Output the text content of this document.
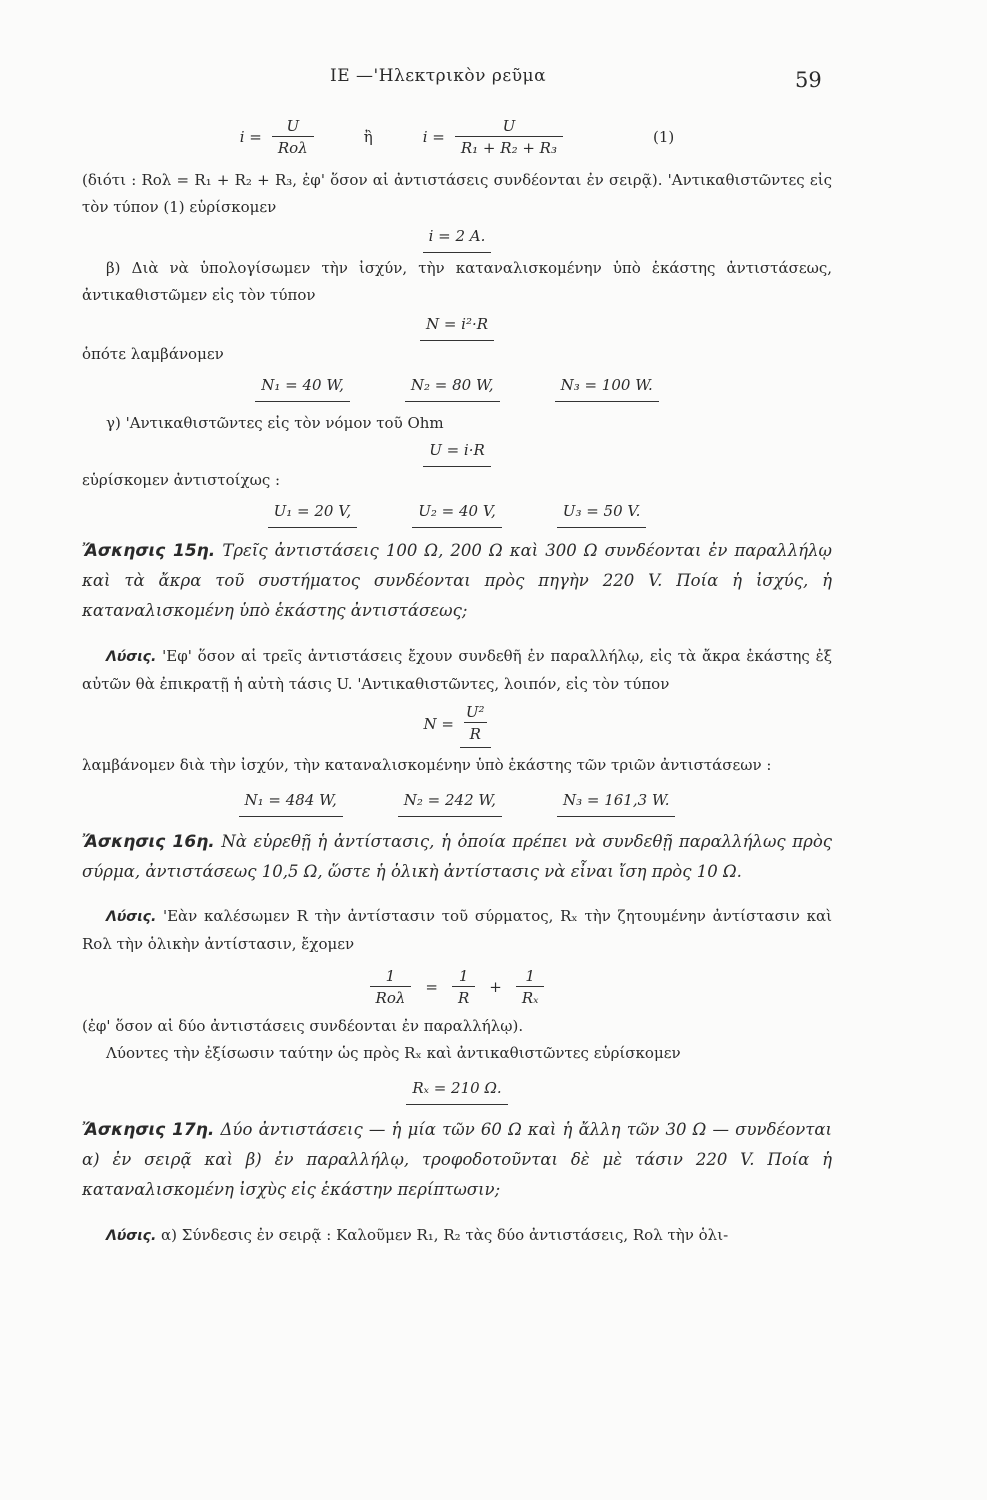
ΙΕ —'Ηλεκτρικὸν ρεῦμα	59
$i = \frac{U}{\text{Rολ}}$	ἢ	$i = \frac{U}{\text{R₁ + R₂ + R₃}}$	(1)

(διότι : Rολ = R₁ + R₂ + R₃, ἐφ' ὅσον αἱ ἀντιστάσεις συνδέονται ἐν σειρᾷ). 'Αντικαθιστῶντες εἰς τὸν τύπον (1) εὑρίσκομεν

i = 2 A.

β) Διὰ νὰ ὑπολογίσωμεν τὴν ἰσχύν, τὴν καταναλισκομένην ὑπὸ ἑκάστης ἀντιστάσεως, ἀντικαθιστῶμεν εἰς τὸν τύπον

N = i²·R

ὁπότε λαμβάνομεν

N₁ = 40 W,	N₂ = 80 W,	N₃ = 100 W.

γ) 'Αντικαθιστῶντες εἰς τὸν νόμον τοῦ Ohm

U = i·R

εὑρίσκομεν ἀντιστοίχως :

U₁ = 20 V,	U₂ = 40 V,	U₃ = 50 V.

Ἄσκησις 15η. Τρεῖς ἀντιστάσεις 100 Ω, 200 Ω καὶ 300 Ω συνδέονται ἐν παραλλήλῳ καὶ τὰ ἄκρα τοῦ συστήματος συνδέονται πρὸς πηγὴν 220 V. Ποία ἡ ἰσχύς, ἡ καταναλισκομένη ὑπὸ ἑκάστης ἀντιστάσεως;

Λύσις. 'Εφ' ὅσον αἱ τρεῖς ἀντιστάσεις ἔχουν συνδεθῆ ἐν παραλλήλῳ, εἰς τὰ ἄκρα ἑκάστης ἐξ αὐτῶν θὰ ἐπικρατῇ ἡ αὐτὴ τάσις U. 'Αντικαθιστῶντες, λοιπόν, εἰς τὸν τύπον

$N = \frac{\text{U²}}{R}$

λαμβάνομεν διὰ τὴν ἰσχύν, τὴν καταναλισκομένην ὑπὸ ἑκάστης τῶν τριῶν ἀντιστάσεων :

N₁ = 484 W,	N₂ = 242 W,	N₃ = 161,3 W.

Ἄσκησις 16η. Νὰ εὑρεθῇ ἡ ἀντίστασις, ἡ ὁποία πρέπει νὰ συνδεθῇ παραλλήλως πρὸς σύρμα, ἀντιστάσεως 10,5 Ω, ὥστε ἡ ὁλικὴ ἀντίστασις νὰ εἶναι ἴση πρὸς 10 Ω.

Λύσις. 'Εὰν καλέσωμεν R τὴν ἀντίστασιν τοῦ σύρματος, Rₓ τὴν ζητουμένην ἀντίστασιν καὶ Rολ τὴν ὁλικὴν ἀντίστασιν, ἔχομεν

$\frac{1}{\text{Rολ}} = \frac{1}{R} + \frac{1}{\text{Rₓ}}$

(ἐφ' ὅσον αἱ δύο ἀντιστάσεις συνδέονται ἐν παραλλήλῳ).

Λύοντες τὴν ἐξίσωσιν ταύτην ὡς πρὸς Rₓ καὶ ἀντικαθιστῶντες εὑρίσκομεν

Rₓ = 210 Ω.

Ἄσκησις 17η. Δύο ἀντιστάσεις — ἡ μία τῶν 60 Ω καὶ ἡ ἄλλη τῶν 30 Ω — συνδέονται α) ἐν σειρᾷ καὶ β) ἐν παραλλήλῳ, τροφοδοτοῦνται δὲ μὲ τάσιν 220 V. Ποία ἡ καταναλισκομένη ἰσχὺς εἰς ἑκάστην περίπτωσιν;

Λύσις. α) Σύνδεσις ἐν σειρᾷ : Καλοῦμεν R₁, R₂ τὰς δύο ἀντιστάσεις, Rολ τὴν ὁλι-
